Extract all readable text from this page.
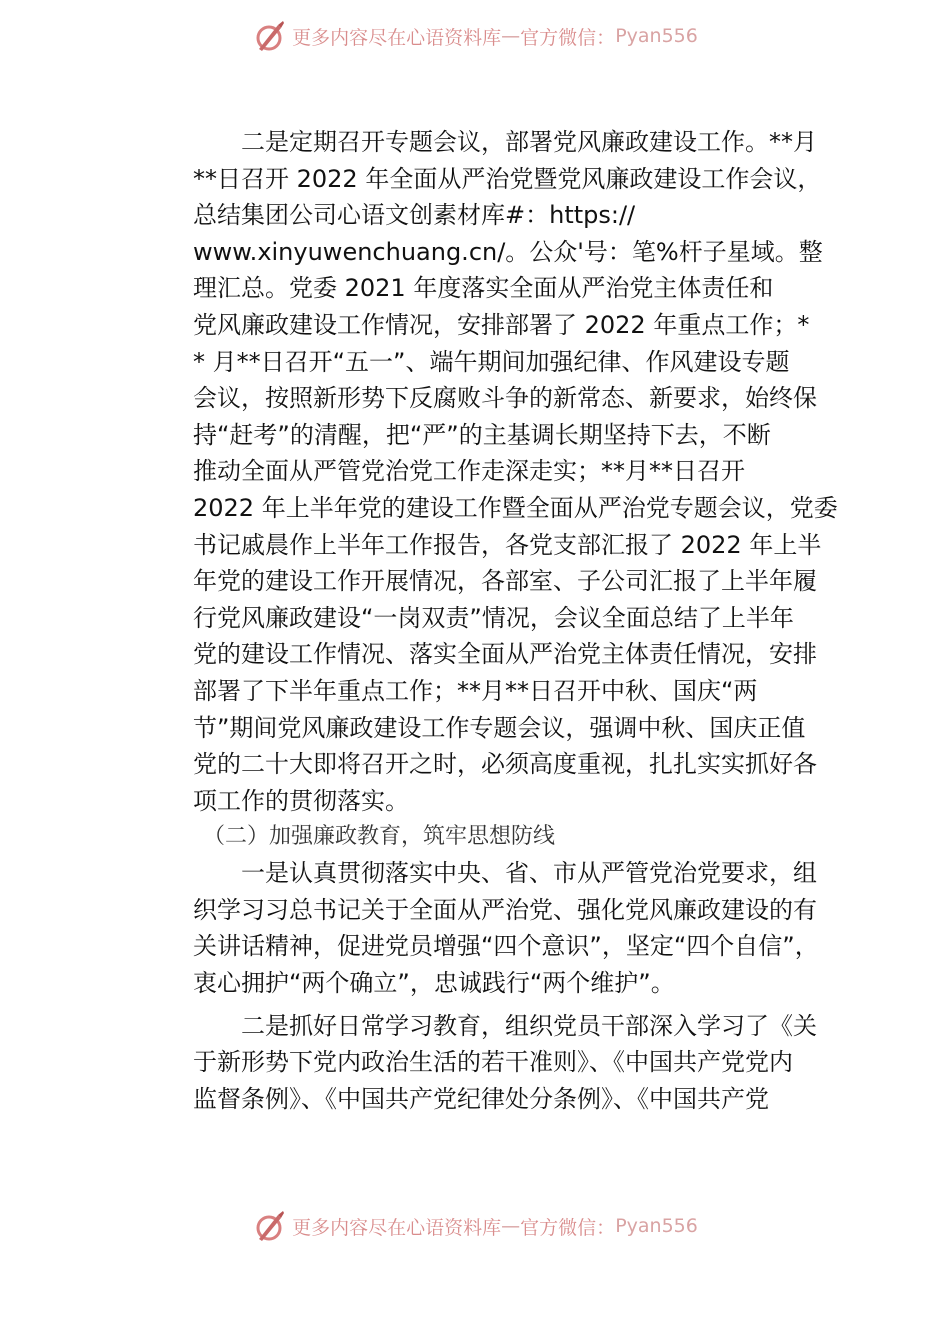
更多内容尽在心语资料库 — 官方微信： Pyan556
二是定期召开专题会议，部署党风廉政建设工作。**月
**日召开 2022 年全面从严治党暨党风廉政建设工作会议，
总结集团公司心语文创素材库#：https://
www.xinyuwenchuang.cn/。公众'号：笔%杆子星域。整
理汇总。党委 2021 年度落实全面从严治党主体责任和
党风廉政建设工作情况，安排部署了 2022 年重点工作；*
* 月**日召开“五一”、端午期间加强纪律、作风建设专题
会议，按照新形势下反腐败斗争的新常态、新要求，始终保
持“赶考”的清醒，把“严”的主基调长期坚持下去，不断
推动全面从严管党治党工作走深走实；**月**日召开
2022 年上半年党的建设工作暨全面从严治党专题会议，党委
书记戚晨作上半年工作报告，各党支部汇报了 2022 年上半
年党的建设工作开展情况，各部室、子公司汇报了上半年履
行党风廉政建设“一岗双责”情况，会议全面总结了上半年
党的建设工作情况、落实全面从严治党主体责任情况，安排
部署了下半年重点工作；**月**日召开中秋、国庆“两
节”期间党风廉政建设工作专题会议，强调中秋、国庆正值
党的二十大即将召开之时，必须高度重视，扎扎实实抓好各
项工作的贯彻落实。
（二）加强廉政教育，筑牢思想防线
一是认真贯彻落实中央、省、市从严管党治党要求，组
织学习习总书记关于全面从严治党、强化党风廉政建设的有
关讲话精神，促进党员增强“四个意识”，坚定“四个自信”，
衷心拥护“两个确立”，忠诚践行“两个维护”。
二是抓好日常学习教育，组织党员干部深入学习了《关
于新形势下党内政治生活的若干准则》、《中国共产党党内
监督条例》、《中国共产党纪律处分条例》、《中国共产党
更多内容尽在心语资料库 — 官方微信： Pyan556
